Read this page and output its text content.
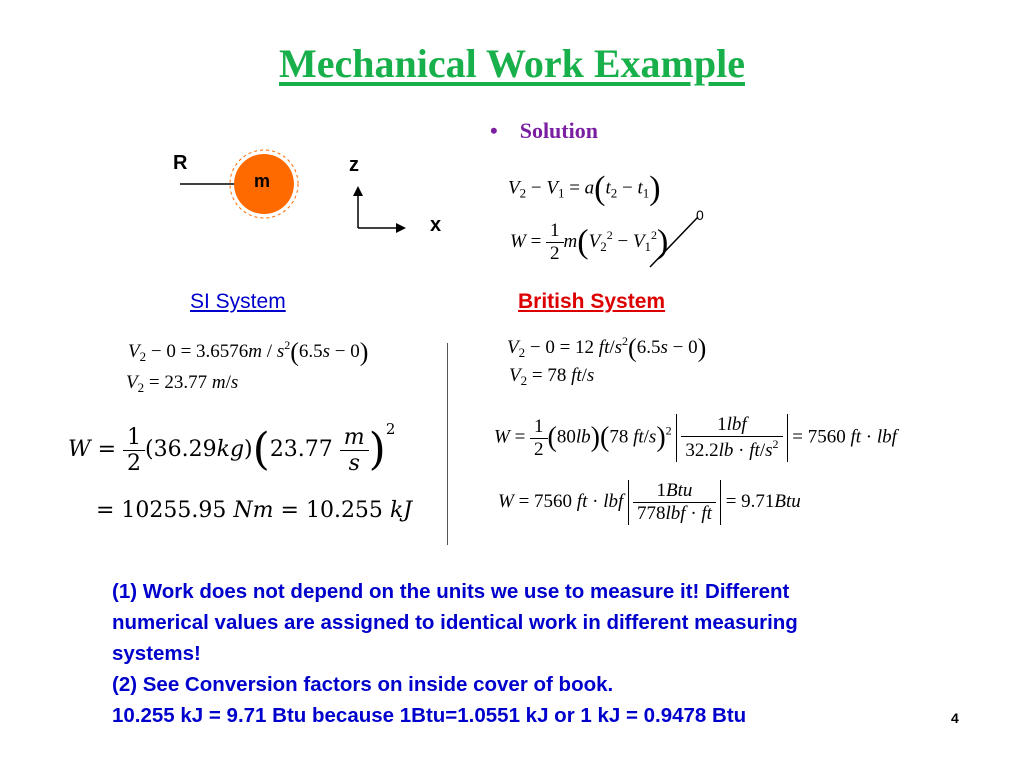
Mechanical Work Example
R
m
z
x
• Solution
$V_2 - V_1 = a(t_2 - t_1)$
$W = \frac{1}{2} m(V_2^2 - V_1^2)$
0
SI System	British System
$V_2 - 0 = 3.6576m / s^2(6.5s - 0)$
$V_2 = 23.77$ m/s
$W = \frac{1}{2} (36.29kg)(23.77 \frac{m}{s} )^2$
= 10255.95 Nm = 10.255 kJ
$V_2 - 0 = 12$ $ft/s^2(6.5s - 0)$
$V_2 = 78$ ft/s
$W = \frac{1}{2} (80lb)(78$ $ft/s)^2 \frac{\text{1lbf}}{32.2lb \cdot ft/s^2} = 7560$ ft · lbf
W = 7560 ft · lbf $\frac{\text{1Btu}}{\text{778lbf · ft}} = 9.71Btu$
(1) Work does not depend on the units we use to measure it! Different
numerical values are assigned to identical work in different measuring
systems!
(2) See Conversion factors on inside cover of book.
10.255 kJ = 9.71 Btu because 1Btu=1.0551 kJ or 1 kJ = 0.9478 Btu	4
